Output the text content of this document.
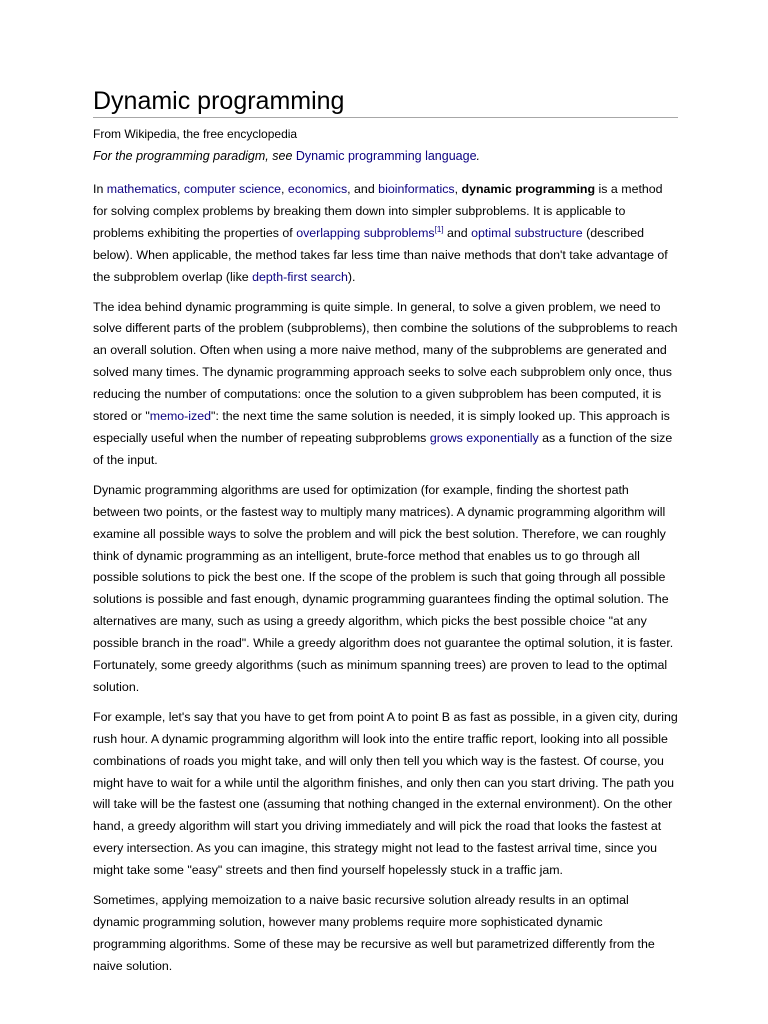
Dynamic programming
From Wikipedia, the free encyclopedia
For the programming paradigm, see Dynamic programming language.

In mathematics, computer science, economics, and bioinformatics, dynamic programming is a method for solving complex problems by breaking them down into simpler subproblems. It is applicable to problems exhibiting the properties of overlapping subproblems[1] and optimal substructure (described below). When applicable, the method takes far less time than naive methods that don't take advantage of the subproblem overlap (like depth-first search).

The idea behind dynamic programming is quite simple. In general, to solve a given problem, we need to solve different parts of the problem (subproblems), then combine the solutions of the subproblems to reach an overall solution. Often when using a more naive method, many of the subproblems are generated and solved many times. The dynamic programming approach seeks to solve each subproblem only once, thus reducing the number of computations: once the solution to a given subproblem has been computed, it is stored or "memo-ized": the next time the same solution is needed, it is simply looked up. This approach is especially useful when the number of repeating subproblems grows exponentially as a function of the size of the input.

Dynamic programming algorithms are used for optimization (for example, finding the shortest path between two points, or the fastest way to multiply many matrices). A dynamic programming algorithm will examine all possible ways to solve the problem and will pick the best solution. Therefore, we can roughly think of dynamic programming as an intelligent, brute-force method that enables us to go through all possible solutions to pick the best one. If the scope of the problem is such that going through all possible solutions is possible and fast enough, dynamic programming guarantees finding the optimal solution. The alternatives are many, such as using a greedy algorithm, which picks the best possible choice "at any possible branch in the road". While a greedy algorithm does not guarantee the optimal solution, it is faster. Fortunately, some greedy algorithms (such as minimum spanning trees) are proven to lead to the optimal solution.

For example, let's say that you have to get from point A to point B as fast as possible, in a given city, during rush hour. A dynamic programming algorithm will look into the entire traffic report, looking into all possible combinations of roads you might take, and will only then tell you which way is the fastest. Of course, you might have to wait for a while until the algorithm finishes, and only then can you start driving. The path you will take will be the fastest one (assuming that nothing changed in the external environment). On the other hand, a greedy algorithm will start you driving immediately and will pick the road that looks the fastest at every intersection. As you can imagine, this strategy might not lead to the fastest arrival time, since you might take some "easy" streets and then find yourself hopelessly stuck in a traffic jam.

Sometimes, applying memoization to a naive basic recursive solution already results in an optimal dynamic programming solution, however many problems require more sophisticated dynamic programming algorithms. Some of these may be recursive as well but parametrized differently from the naive solution.
